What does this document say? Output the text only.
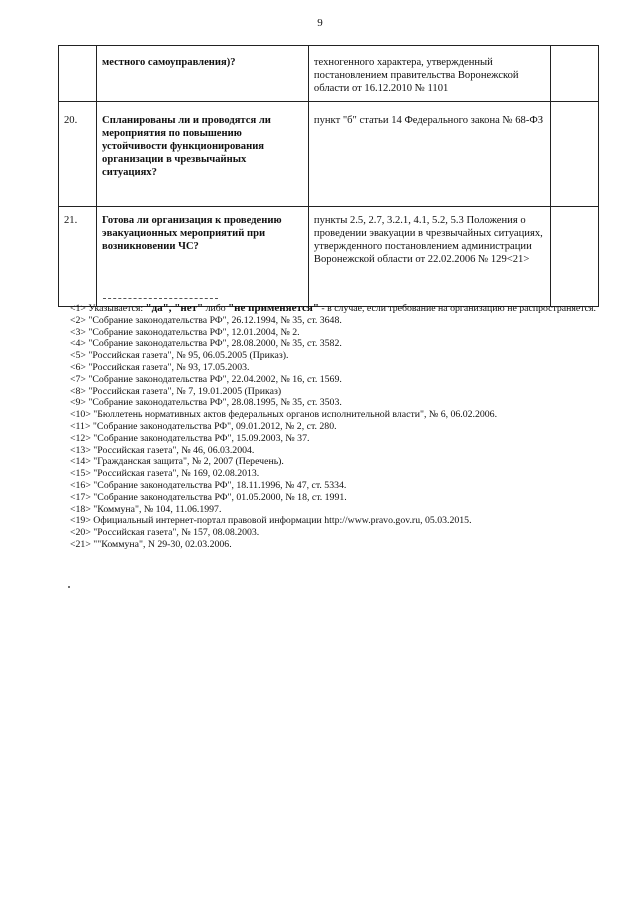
9
	местного самоуправления)?	техногенного характера, утвержденный постановлением правительства Воронежской области от 16.12.2010 № 1101	
20.	Спланированы ли и проводятся ли мероприятия по повышению устойчивости функционирования организации в чрезвычайных ситуациях?	пункт "б" статьи 14 Федерального закона № 68-ФЗ	
21.	Готова ли организация к проведению эвакуационных мероприятий при возникновении ЧС?	пункты 2.5, 2.7, 3.2.1, 4.1, 5.2, 5.3 Положения о проведении эвакуации в чрезвычайных ситуациях, утвержденного постановлением администрации Воронежской области от 22.02.2006 № 129<21>	

<1> Указывается: "да", "нет" либо "не применяется" - в случае, если требование на организацию не распространяется.

<2> "Собрание законодательства РФ", 26.12.1994, № 35, ст. 3648.

<3> "Собрание законодательства РФ", 12.01.2004, № 2.

<4> "Собрание законодательства РФ", 28.08.2000, № 35, ст. 3582.

<5> "Российская газета", № 95, 06.05.2005 (Приказ).

<6> "Российская газета", № 93, 17.05.2003.

<7> "Собрание законодательства РФ", 22.04.2002, № 16, ст. 1569.

<8> "Российская газета", № 7, 19.01.2005 (Приказ)

<9> "Собрание законодательства РФ", 28.08.1995, № 35, ст. 3503.

<10> "Бюллетень нормативных актов федеральных органов исполнительной власти", № 6, 06.02.2006.

<11> "Собрание законодательства РФ", 09.01.2012, № 2, ст. 280.

<12> "Собрание законодательства РФ", 15.09.2003, № 37.

<13> "Российская газета", № 46, 06.03.2004.

<14> "Гражданская защита", № 2, 2007 (Перечень).

<15> "Российская газета", № 169, 02.08.2013.

<16> "Собрание законодательства РФ", 18.11.1996, № 47, ст. 5334.

<17> "Собрание законодательства РФ", 01.05.2000, № 18, ст. 1991.

<18> "Коммуна", № 104, 11.06.1997.

<19> Официальный интернет-портал правовой информации http://www.pravo.gov.ru, 05.03.2015.

<20> "Российская газета", № 157, 08.08.2003.

<21> ""Коммуна", N 29-30, 02.03.2006.
